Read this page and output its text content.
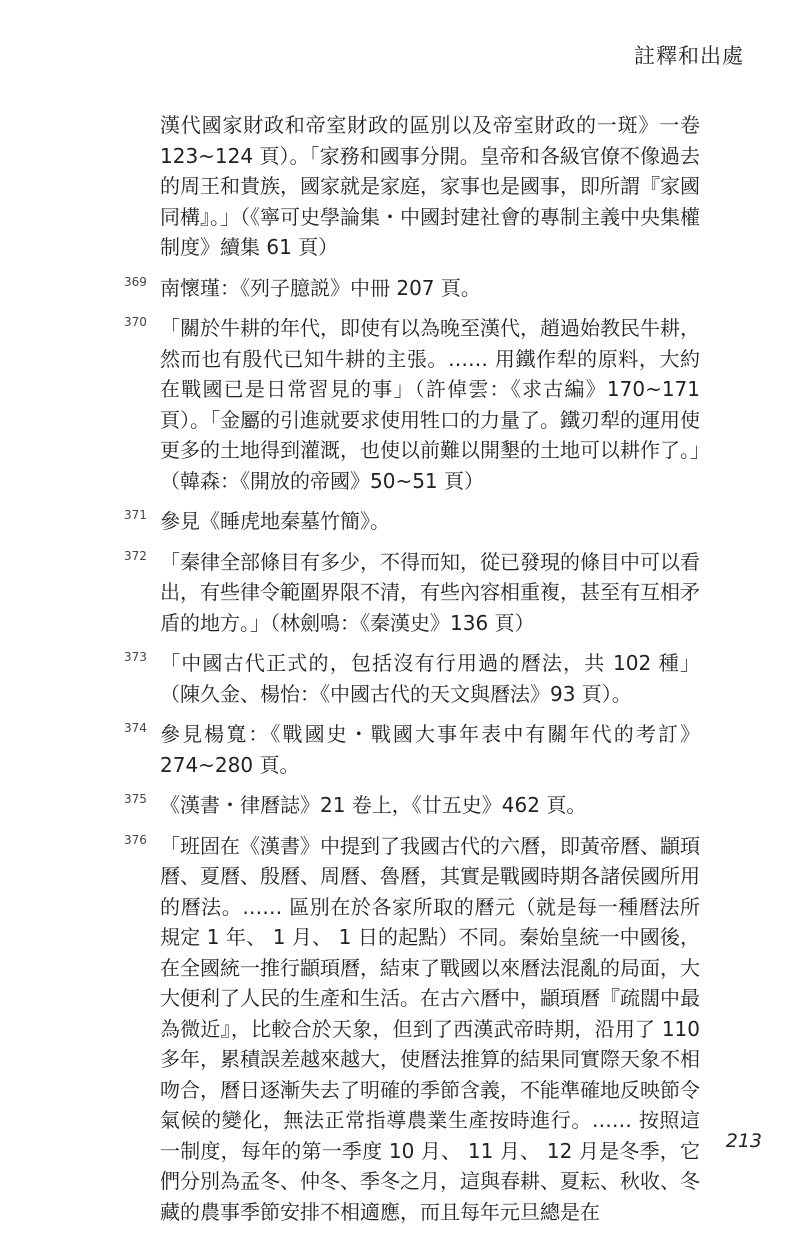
註釋和出處

漢代國家財政和帝室財政的區別以及帝室財政的一斑》一卷 123~124 頁）。「家務和國事分開。皇帝和各級官僚不像過去的周王和貴族，國家就是家庭，家事也是國事，即所謂『家國同構』。」（《寧可史學論集・中國封建社會的專制主義中央集權制度》續集 61 頁）

369 南懷瑾：《列子臆説》中冊 207 頁。
370 「關於牛耕的年代，即使有以為晚至漢代，趙過始教民牛耕，然而也有殷代已知牛耕的主張。…… 用鐵作犁的原料，大約在戰國已是日常習見的事」（許倬雲：《求古編》170~171 頁）。「金屬的引進就要求使用牲口的力量了。鐵刃犁的運用使更多的土地得到灌溉，也使以前難以開墾的土地可以耕作了。」（韓森：《開放的帝國》50~51 頁）
371 參見《睡虎地秦墓竹簡》。
372 「秦律全部條目有多少，不得而知，從已發現的條目中可以看出，有些律令範圍界限不清，有些內容相重複，甚至有互相矛盾的地方。」（林劍鳴：《秦漢史》136 頁）
373 「中國古代正式的，包括沒有行用過的曆法，共 102 種」（陳久金、楊怡：《中國古代的天文與曆法》93 頁）。
374 參見楊寬：《戰國史・戰國大事年表中有關年代的考訂》274~280 頁。
375 《漢書・律曆誌》21 卷上，《廿五史》462 頁。
376 「班固在《漢書》中提到了我國古代的六曆，即黃帝曆、顓頊曆、夏曆、殷曆、周曆、魯曆，其實是戰國時期各諸侯國所用的曆法。…… 區別在於各家所取的曆元（就是每一種曆法所規定 1 年、 1 月、 1 日的起點）不同。秦始皇統一中國後，在全國統一推行顓頊曆，結束了戰國以來曆法混亂的局面，大大便利了人民的生產和生活。在古六曆中，顓頊曆『疏闊中最為微近』，比較合於天象，但到了西漢武帝時期，沿用了 110 多年，累積誤差越來越大，使曆法推算的結果同實際天象不相吻合，曆日逐漸失去了明確的季節含義，不能準確地反映節令氣候的變化，無法正常指導農業生產按時進行。…… 按照這一制度，每年的第一季度 10 月、 11 月、 12 月是冬季，它們分別為孟冬、仲冬、季冬之月，這與春耕、夏耘、秋收、冬藏的農事季節安排不相適應，而且每年元旦總是在
213
